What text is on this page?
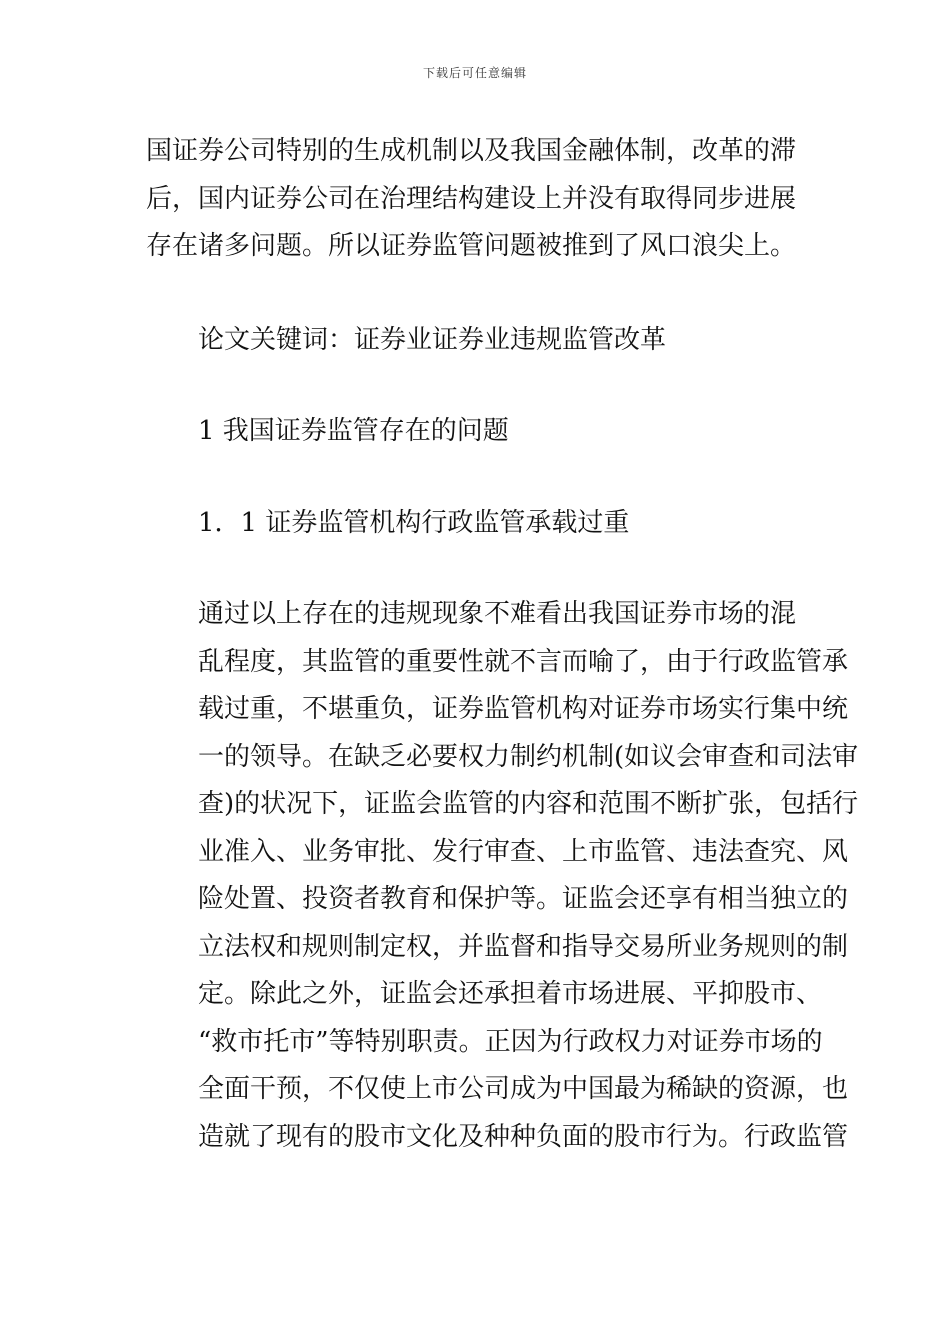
下载后可任意编辑

国证券公司特别的生成机制以及我国金融体制，改革的滞
后，国内证券公司在治理结构建设上并没有取得同步进展
存在诸多问题。所以证券监管问题被推到了风口浪尖上。

论文关键词：证券业证券业违规监管改革

1 我国证券监管存在的问题

1．1 证券监管机构行政监管承载过重

通过以上存在的违规现象不难看出我国证券市场的混
乱程度，其监管的重要性就不言而喻了，由于行政监管承
载过重，不堪重负，证券监管机构对证券市场实行集中统
一的领导。在缺乏必要权力制约机制(如议会审查和司法审
查)的状况下，证监会监管的内容和范围不断扩张，包括行
业准入、业务审批、发行审查、上市监管、违法查究、风
险处置、投资者教育和保护等。证监会还享有相当独立的
立法权和规则制定权，并监督和指导交易所业务规则的制
定。除此之外，证监会还承担着市场进展、平抑股市、
“救市托市”等特别职责。正因为行政权力对证券市场的
全面干预，不仅使上市公司成为中国最为稀缺的资源，也
造就了现有的股市文化及种种负面的股市行为。行政监管
